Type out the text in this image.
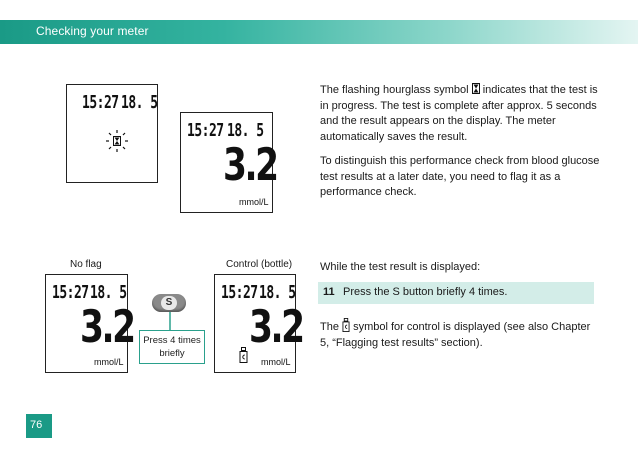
Checking your meter
15:27 18. 5
15:27 18. 5
3.2
mmol/L
The flashing hourglass symbol  indicates that the test is in progress. The test is complete after approx. 5 seconds and the result appears on the display. The meter automatically saves the result.
To distinguish this performance check from blood glucose test results at a later date, you need to flag it as a performance check.
No flag	Control (bottle)
15:27 18. 5
3.2
mmol/L
S
Press 4 times
briefly
15:27 18. 5
3.2
mmol/L
While the test result is displayed:
11 Press the S button briefly 4 times.
The  symbol for control is displayed (see also Chapter 5, “Flagging test results” section).
76
